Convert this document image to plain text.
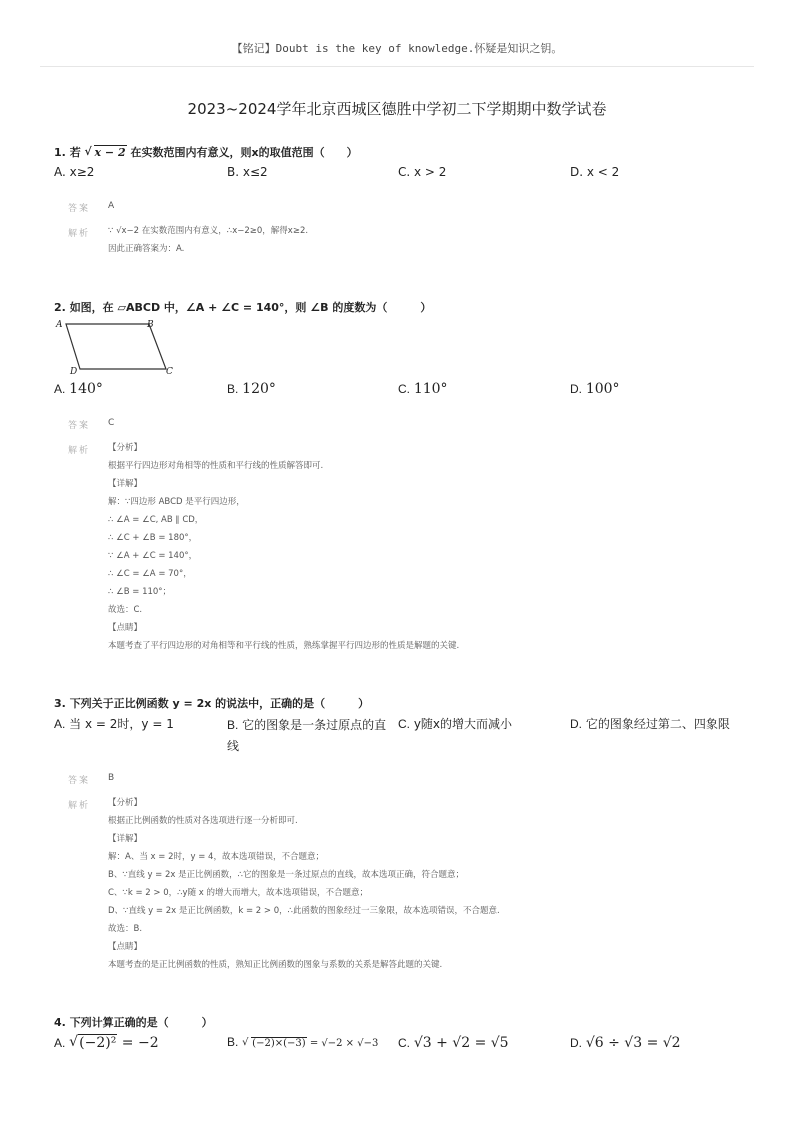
【铭记】Doubt is the key of knowledge.怀疑是知识之钥。
2023~2024学年北京西城区德胜中学初二下学期期中数学试卷
1. 若 √ x − 2 在实数范围内有意义，则x的取值范围（　　）
A. x≥2	B. x≤2	C. x > 2	D. x < 2
答案 A
解析 ∵ √x−2 在实数范围内有意义，∴x−2≥0，解得x≥2.
因此正确答案为：A.
2. 如图，在 ▱ABCD 中，∠A + ∠C = 140°，则 ∠B 的度数为（　　　）
A	B
C
D
A. 140°	B. 120°	C. 110°	D. 100°
答案 C
解析 【分析】
根据平行四边形对角相等的性质和平行线的性质解答即可.
【详解】
解：∵四边形 ABCD 是平行四边形，
∴ ∠A = ∠C, AB ∥ CD，
∴ ∠C + ∠B = 180°，
∵ ∠A + ∠C = 140°，
∴ ∠C = ∠A = 70°，
∴ ∠B = 110°；
故选：C.
【点睛】
本题考查了平行四边形的对角相等和平行线的性质，熟练掌握平行四边形的性质是解题的关键.
3. 下列关于正比例函数 y = 2x 的说法中，正确的是（　　　）
A. 当 x = 2时，y = 1	B. 它的图象是一条过原点的直线
C. y随x的增大而减小	D. 它的图象经过第二、四象限
答案 B
解析 【分析】
根据正比例函数的性质对各选项进行逐一分析即可.
【详解】
解：A、当 x = 2时，y = 4，故本选项错误，不合题意；
B、∵直线 y = 2x 是正比例函数，∴它的图象是一条过原点的直线，故本选项正确，符合题意；
C、∵k = 2 > 0，∴y随 x 的增大而增大，故本选项错误，不合题意；
D、∵直线 y = 2x 是正比例函数，k = 2 > 0，∴此函数的图象经过一三象限，故本选项错误，不合题意.
故选：B.
【点睛】
本题考查的是正比例函数的性质，熟知正比例函数的图象与系数的关系是解答此题的关键.
4. 下列计算正确的是（　　　）
A. √ (−2)² = −2	B. √ (−2)×(−3) = √−2 × √−3 C. √3 + √2 = √5	D. √6 ÷ √3 = √2
